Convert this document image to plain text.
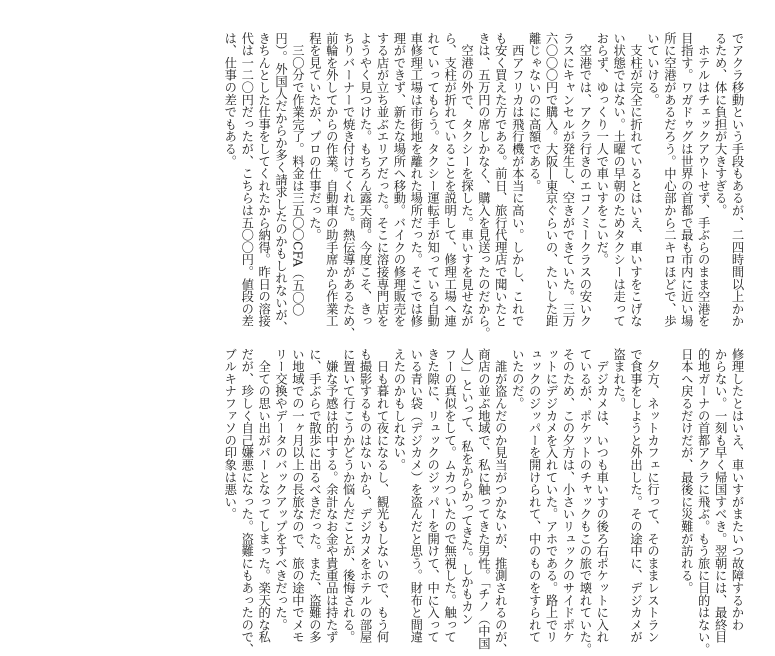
でアクラ移動という手段もあるが、二四時間以上かか
るため、体に負担が大きすぎる。
　ホテルはチェックアウトせず、手ぶらのまま空港を
目指す。ワガドゥグは世界の首都で最も市内に近い場
所に空港があるだろう。中心部から二キロほどで、歩
いていける。
　支柱が完全に折れているとはいえ、車いすをこげな
い状態ではない。土曜の早朝のためタクシーは走って
おらず、ゆっくり一人で車いすをこいだ。
　空港では、アクラ行きのエコノミークラスの安いク
ラスにキャンセルが発生し、空きができていた。三万
六〇〇〇円で購入。大阪―東京ぐらいの、たいした距
離じゃないのに高額である。
　西アフリカは飛行機が本当に高い。しかし、これで
も安く買えた方である。前日、旅行代理店で聞いたと
きは、五万円の席しかなく、購入を見送ったのだから。
　空港の外で、タクシーを探した。車いすを見せなが
ら、支柱が折れていることを説明して、修理工場へ連
れていってもらう。タクシー運転手が知っている自動
車修理工場は市街地を離れた場所だった。そこでは修
理ができず、新たな場所へ移動。バイクの修理販売を
する店が立ち並ぶエリアだった。そこに溶接専門店を
ようやく見つけた。もちろん露天商。今度こそ、きっ
ちりバーナーで焼き付けてくれた。熱伝導があるため、
前輪を外してからの作業。自動車の助手席から作業工
程を見ていたが、プロの仕事だった。
　三〇分で作業完了。料金は三五〇〇CFA（五〇〇
円）。外国人だからか多く請求したのかもしれないが、
きちんとした仕事をしてくれたから納得。昨日の溶接
代は一二〇円だったが、こちらは五〇〇円。値段の差
は、仕事の差でもある。
修理したとはいえ、車いすがまたいつ故障するかわ
からない。一刻も早く帰国すべき。翌朝には、最終目
的地ガーナの首都アクラに飛ぶ。もう旅に目的はない。
日本へ戻るだけだが、最後に災難が訪れる。

　夕方、ネットカフェに行って、そのままレストラン
で食事をしようと外出した。その途中に、デジカメが
盗まれた。
　デジカメは、いつも車いすの後ろ右ポケットに入れ
ているが、ポケットのチャックもこの旅で壊れていた。
そのため、この夕方は、小さいリュックのサイドポケ
ットにデジカメを入れていた。アホである。路上でリ
ュックのジッパーを開けられて、中のものをすられて
いたのだ。
　誰が盗んだのか見当がつかないが、推測されるのが、
商店の並ぶ地域で、私に触ってきた男性。「チノ（中国
人）」といって、私をからかってきた。しかもカン
フーの真似をして。ムカついたので無視した。触って
きた隙に、リュックのジッパーを開けて、中に入って
いる青い袋（デジカメ）を盗んだと思う。財布と間違
えたのかもしれない。
　日も暮れて夜になるし、観光もしないので、もう何
も撮影するものはないから、デジカメをホテルの部屋
に置いて行こうかどうか悩んだことが、後悔される。
　嫌な予感は的中する。余計なお金や貴重品は持たず
に、手ぶらで散歩に出るべきだった。また、盗難の多
い地域での一ヶ月以上の長旅なので、旅の途中でメモ
リー交換やデータのバックアップをすべきだった。
　全ての思い出がパーとなってしまった。楽天的な私
だが、珍しく自己嫌悪になった。盗難にもあったので、
ブルキナファソの印象は悪い。
